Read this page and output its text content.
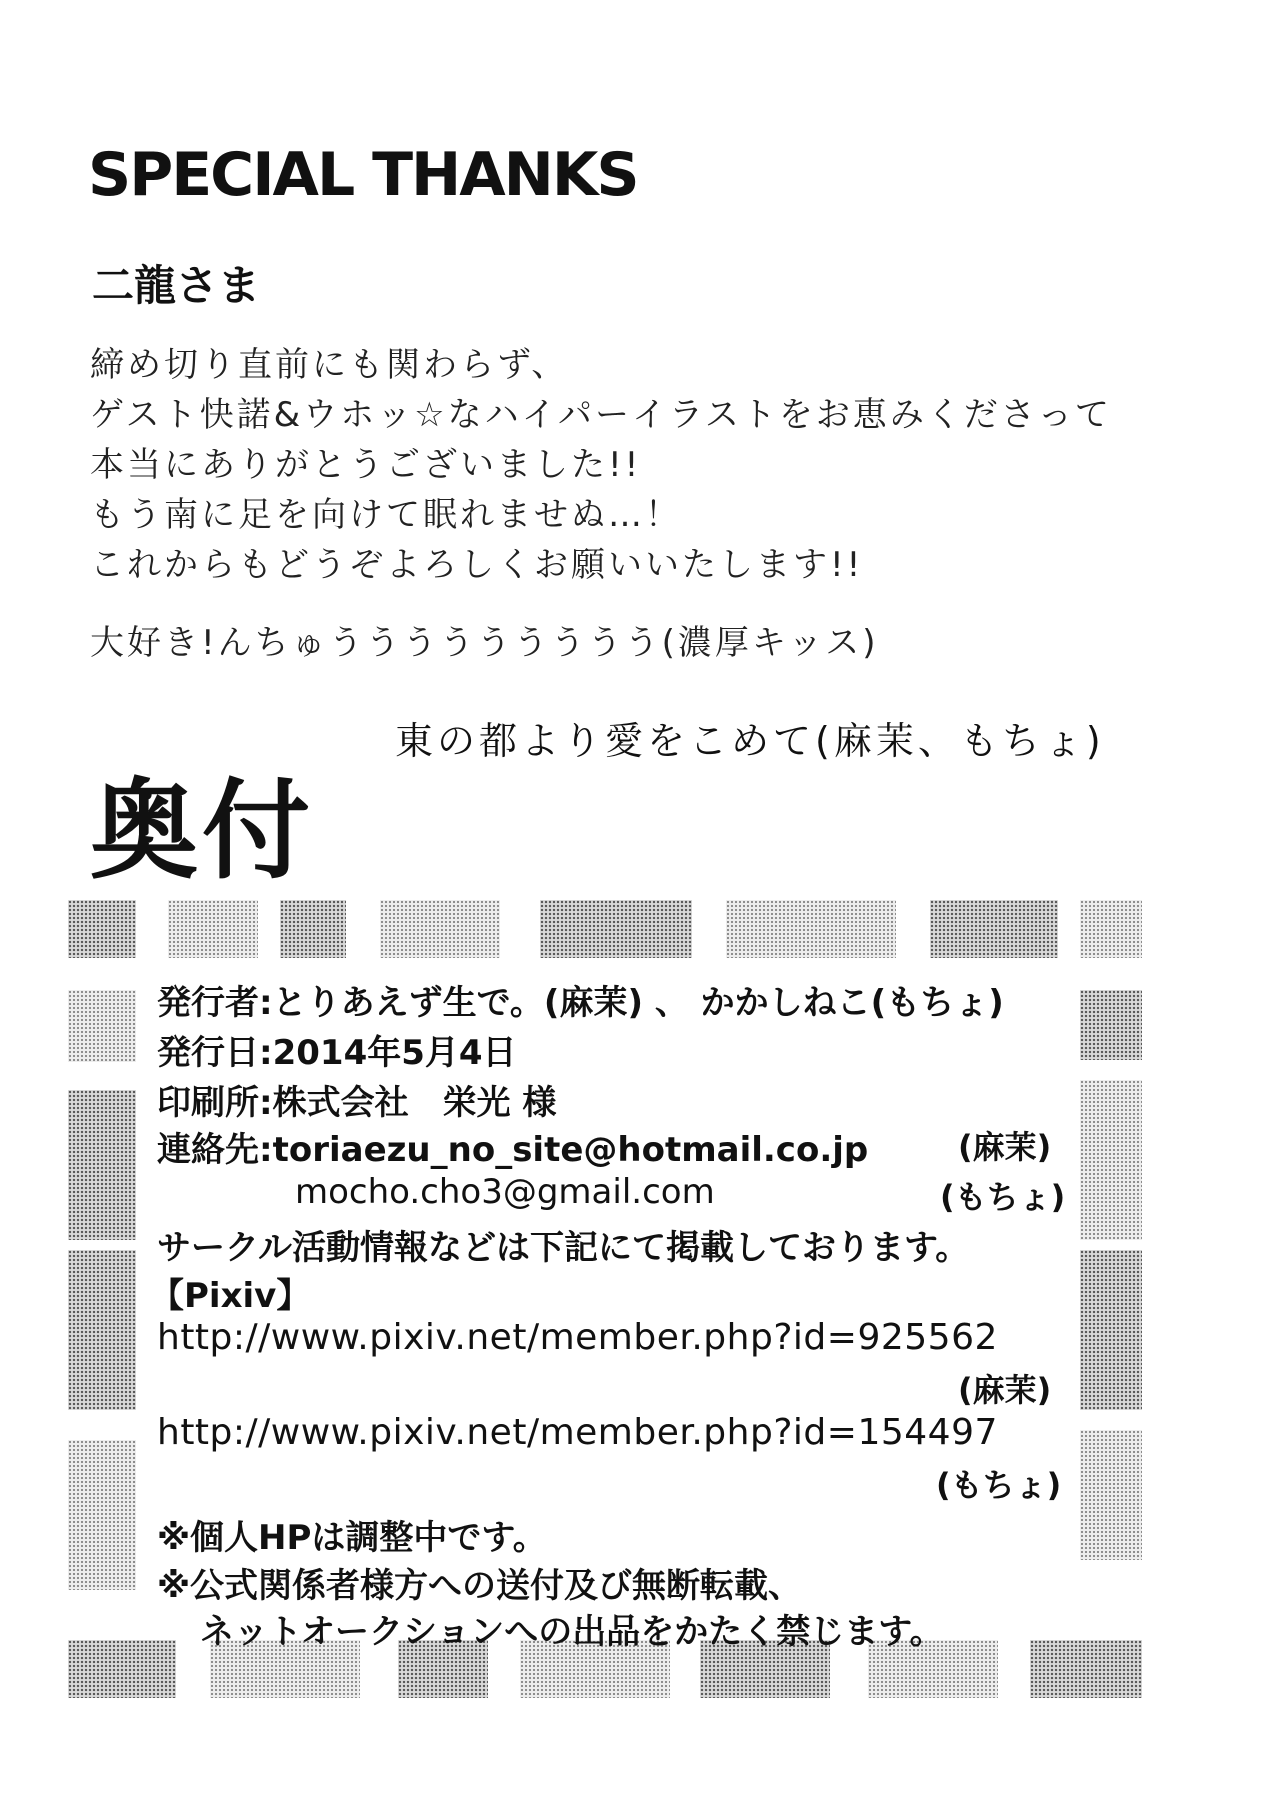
SPECIAL THANKS
二龍さま
締め切り直前にも関わらず、
ゲスト快諾&ウホッ☆なハイパーイラストをお恵みくださって
本当にありがとうございました!!
もう南に足を向けて眠れませぬ…！
これからもどうぞよろしくお願いいたします!!
大好き!んちゅううううううううう(濃厚キッス)
東の都より愛をこめて(麻茉、もちょ)
奥付
発行者:とりあえず生で。(麻茉) 、 かかしねこ(もちょ)
発行日:2014年5月4日
印刷所:株式会社　栄光 様
連絡先:toriaezu_no_site@hotmail.co.jp	(麻茉)
mocho.cho3@gmail.com	(もちょ)
サークル活動情報などは下記にて掲載しております。
【Pixiv】
http://www.pixiv.net/member.php?id=925562
(麻茉)
http://www.pixiv.net/member.php?id=154497
(もちょ)
※個人HPは調整中です。
※公式関係者様方への送付及び無断転載、
ネットオークションへの出品をかたく禁じます。
